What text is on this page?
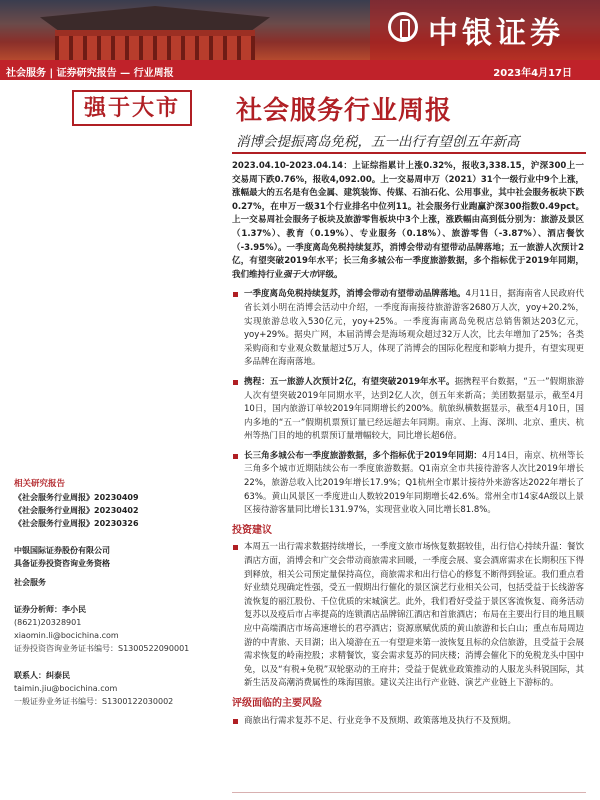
中银证券
社会服务 | 证券研究报告 — 行业周报	2023年4月17日
强于大市	社会服务行业周报
消博会提振离岛免税，五一出行有望创五年新高

2023.04.10-2023.04.14：上证综指累计上涨0.32%，报收3,338.15，沪深300上一交易周下跌0.76%，报收4,092.00。上一交易周申万（2021）31个一级行业中9个上涨，涨幅最大的五名是有色金属、建筑装饰、传媒、石油石化、公用事业，其中社会服务板块下跌0.27%，在申万一级31个行业排名中位列11。社会服务行业跑赢沪深300指数0.49pct。上一交易周社会服务子板块及旅游零售板块中3个上涨，涨跌幅由高到低分别为：旅游及景区（1.37%）、教育（0.19%）、专业服务（0.18%）、旅游零售（-3.87%）、酒店餐饮（-3.95%）。一季度离岛免税持续复苏，消博会带动有望带动品牌落地；五一旅游人次预计2亿，有望突破2019年水平；长三角多城公布一季度旅游数据，多个指标优于2019年同期，我们维持行业强于大市评级。

一季度离岛免税持续复苏，消博会带动有望带动品牌落地。4月11日，据海南省人民政府代省长刘小明在消博会活动中介绍，一季度海南接待旅游游客2680万人次，yoy+20.2%，实现旅游总收入530亿元，yoy+25%。一季度海南离岛免税店总销售额达203亿元，yoy+29%。据央广网，本届消博会是海场观众超过32万人次，比去年增加了25%；各类采购商和专业观众数量超过5万人，体现了消博会的国际化程度和影响力提升，有望实现更多品牌在海南落地。
携程：五一旅游人次预计2亿，有望突破2019年水平。据携程平台数据，“五一”假期旅游人次有望突破2019年同期水平，达到2亿人次，创五年来新高；美团数据显示，截至4月10日，国内旅游订单较2019年同期增长约200%。航旅纵横数据显示，截至4月10日，国内多地的“五一”假期机票预订量已经远超去年同期。南京、上海、深圳、北京、重庆、杭州等热门目的地的机票预订量增幅较大，同比增长超6倍。
长三角多城公布一季度旅游数据，多个指标优于2019年同期：4月14日，南京、杭州等长三角多个城市近期陆续公布一季度旅游数据。Q1南京全市共接待游客人次比2019年增长22%，旅游总收入比2019年增长17.9%；Q1杭州全市累计接待外来游客达2022年增长了63%。黄山风景区一季度进山人数较2019年同期增长42.6%。常州全市14家4A级以上景区接待游客量同比增长131.97%，实现营业收入同比增长81.8%。
投资建议
本周五一出行需求数据持续增长，一季度文旅市场恢复数据较佳，出行信心持续升温：餐饮酒店方面，消博会和广交会带动商旅需求回暖，一季度会展、宴会酒席需求在长期积压下得到释放，相关公司预定量保持高位，商旅需求和出行信心的修复不断得到验证。我们重点看好业绩兑现确定性强，受五一假期出行催化的景区演艺行业相关公司，包括受益于长线游客流恢复的丽江股份、千位优质的宋城演艺。此外，我们看好受益于景区客流恢复、商务活动复苏以及疫后市占率提高的连锁酒店品牌锦江酒店和首旅酒店；布局在主要出行目的地且顺应中高端酒店市场高速增长的君亭酒店；资源禀赋优质的黄山旅游和长白山；重点布局周边游的中青旅、天目湖；出入境游在五一有望迎来第一波恢复且标的众信旅游，且受益于会展需求恢复的岭南控股；求精餐饮，宴会需求复苏的同庆楼；消博会催化下的免税龙头中国中免，以及“有税+免税”双轮驱动的王府井；受益于促就业政策推动的人服龙头科锐国际，其新生活及高潮消费属性的珠海国旅。建议关注出行产业链、演艺产业链上下游标的。
评级面临的主要风险
商旅出行需求复苏不足、行业竞争不及预期、政策落地及执行不及预期。
相关研究报告
《社会服务行业周报》20230409
《社会服务行业周报》20230402
《社会服务行业周报》20230326
中银国际证券股份有限公司
具备证券投资咨询业务资格
社会服务
证券分析师：李小民
(8621)20328901
xiaomin.li@bocichina.com
证券投资咨询业务证书编号：S1300522090001
联系人：纠泰民
taimin.jiu@bocichina.com
一般证券业务证书编号：S1300122030002
